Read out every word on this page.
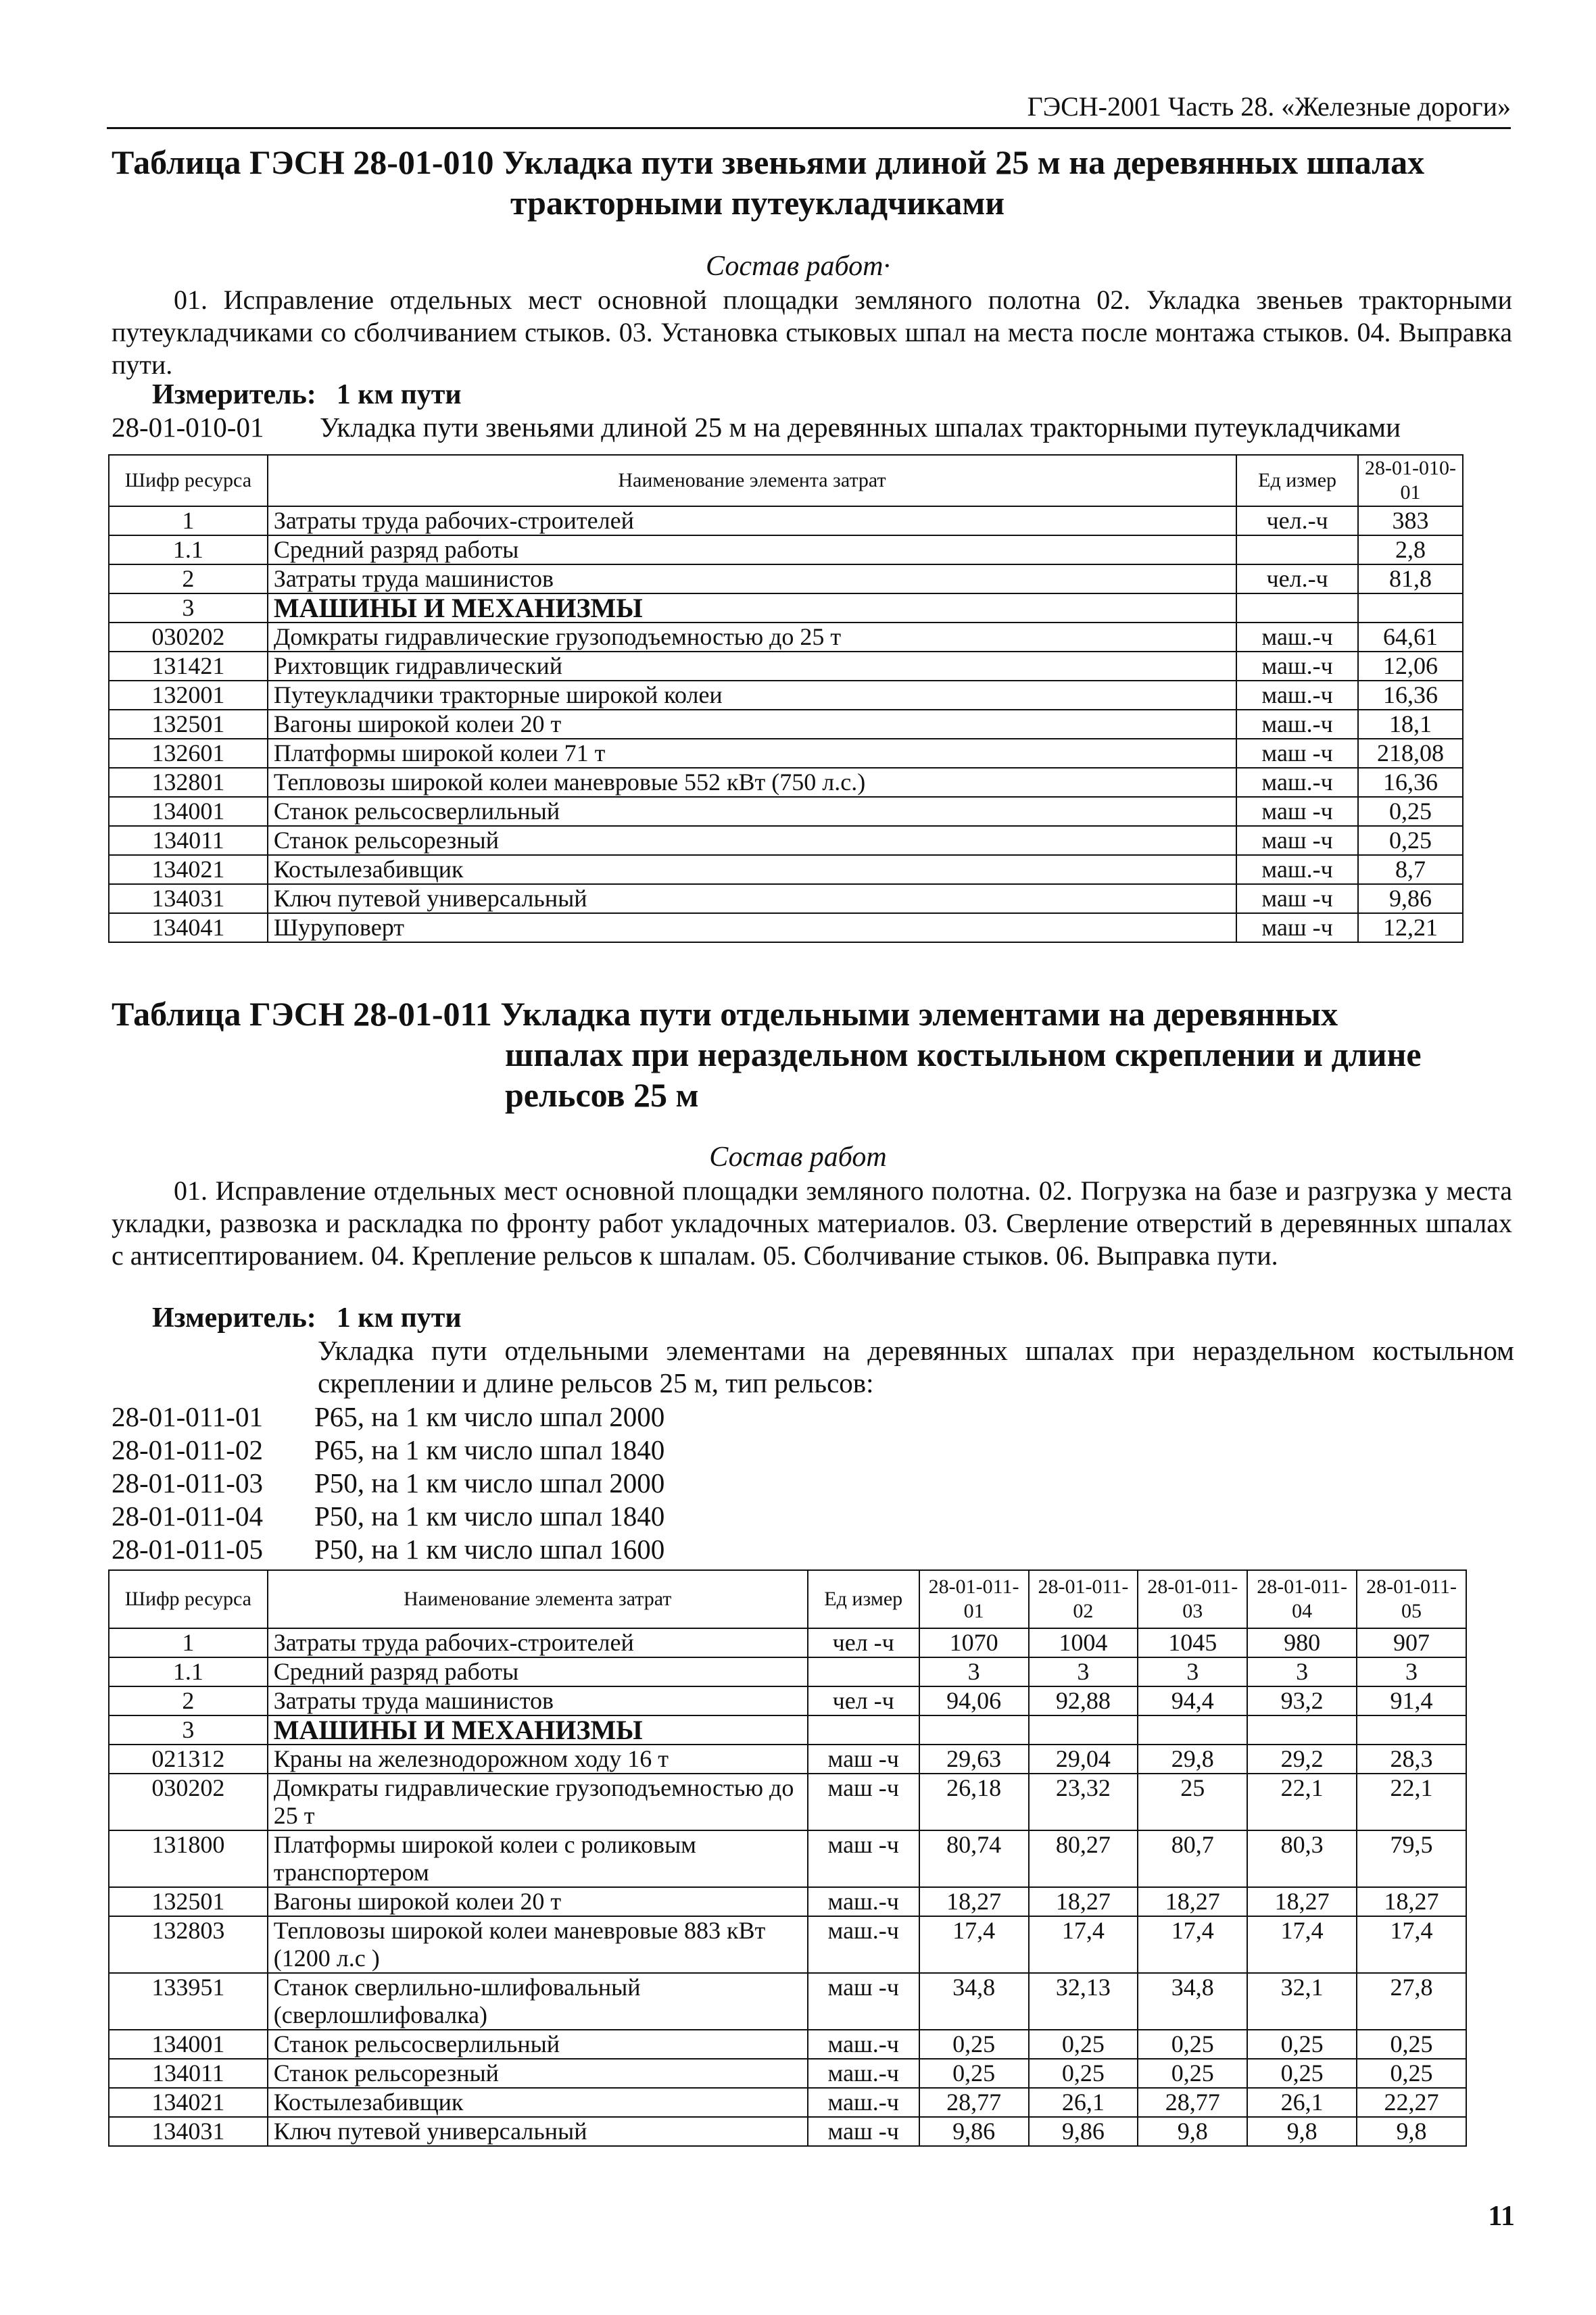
ГЭСН-2001 Часть 28. «Железные дороги»
Таблица ГЭСН 28-01-010 Укладка пути звеньями длиной 25 м на деревянных шпалах
тракторными путеукладчиками
Состав работ·
01. Исправление отдельных мест основной площадки земляного полотна 02. Укладка звеньев тракторными путеукладчиками со сболчиванием стыков. 03. Установка стыковых шпал на места после монтажа стыков. 04. Выправка пути.
Измеритель: 1 км пути
28-01-010-01 Укладка пути звеньями длиной 25 м на деревянных шпалах тракторными путеукладчиками
Шифр ресурса	Наименование элемента затрат	Ед измер	28-01-010-01
1	Затраты труда рабочих-строителей	чел.-ч	383
1.1	Средний разряд работы		2,8
2	Затраты труда машинистов	чел.-ч	81,8
3	МАШИНЫ И МЕХАНИЗМЫ		
030202	Домкраты гидравлические грузоподъемностью до 25 т	маш.-ч	64,61
131421	Рихтовщик гидравлический	маш.-ч	12,06
132001	Путеукладчики тракторные широкой колеи	маш.-ч	16,36
132501	Вагоны широкой колеи 20 т	маш.-ч	18,1
132601	Платформы широкой колеи 71 т	маш -ч	218,08
132801	Тепловозы широкой колеи маневровые 552 кВт (750 л.с.)	маш.-ч	16,36
134001	Станок рельсосверлильный	маш -ч	0,25
134011	Станок рельсорезный	маш -ч	0,25
134021	Костылезабивщик	маш.-ч	8,7
134031	Ключ путевой универсальный	маш -ч	9,86
134041	Шуруповерт	маш -ч	12,21
Таблица ГЭСН 28-01-011 Укладка пути отдельными элементами на деревянных
шпалах при нераздельном костыльном скреплении и длине
рельсов 25 м
Состав работ
01. Исправление отдельных мест основной площадки земляного полотна. 02. Погрузка на базе и разгрузка у места укладки, развозка и раскладка по фронту работ укладочных материалов. 03. Сверление отверстий в деревянных шпалах с антисептированием. 04. Крепление рельсов к шпалам. 05. Сболчивание стыков. 06. Выправка пути.
Измеритель: 1 км пути
Укладка пути отдельными элементами на деревянных шпалах при нераздельном костыльном скреплении и длине рельсов 25 м, тип рельсов:
28-01-011-01 Р65, на 1 км число шпал 2000
28-01-011-02 Р65, на 1 км число шпал 1840
28-01-011-03 Р50, на 1 км число шпал 2000
28-01-011-04 Р50, на 1 км число шпал 1840
28-01-011-05 Р50, на 1 км число шпал 1600
Шифр ресурса	Наименование элемента затрат	Ед измер	28-01-011-01	28-01-011-02	28-01-011-03	28-01-011-04	28-01-011-05
1	Затраты труда рабочих-строителей	чел -ч	1070	1004	1045	980	907
1.1	Средний разряд работы		3	3	3	3	3
2	Затраты труда машинистов	чел -ч	94,06	92,88	94,4	93,2	91,4
3	МАШИНЫ И МЕХАНИЗМЫ						
021312	Краны на железнодорожном ходу 16 т	маш -ч	29,63	29,04	29,8	29,2	28,3
030202	Домкраты гидравлические грузоподъемностью до 25 т	маш -ч	26,18	23,32	25	22,1	22,1
131800	Платформы широкой колеи с роликовым транспортером	маш -ч	80,74	80,27	80,7	80,3	79,5
132501	Вагоны широкой колеи 20 т	маш.-ч	18,27	18,27	18,27	18,27	18,27
132803	Тепловозы широкой колеи маневровые 883 кВт (1200 л.с )	маш.-ч	17,4	17,4	17,4	17,4	17,4
133951	Станок сверлильно-шлифовальный (сверлошлифовалка)	маш -ч	34,8	32,13	34,8	32,1	27,8
134001	Станок рельсосверлильный	маш.-ч	0,25	0,25	0,25	0,25	0,25
134011	Станок рельсорезный	маш.-ч	0,25	0,25	0,25	0,25	0,25
134021	Костылезабивщик	маш.-ч	28,77	26,1	28,77	26,1	22,27
134031	Ключ путевой универсальный	маш -ч	9,86	9,86	9,8	9,8	9,8
11
